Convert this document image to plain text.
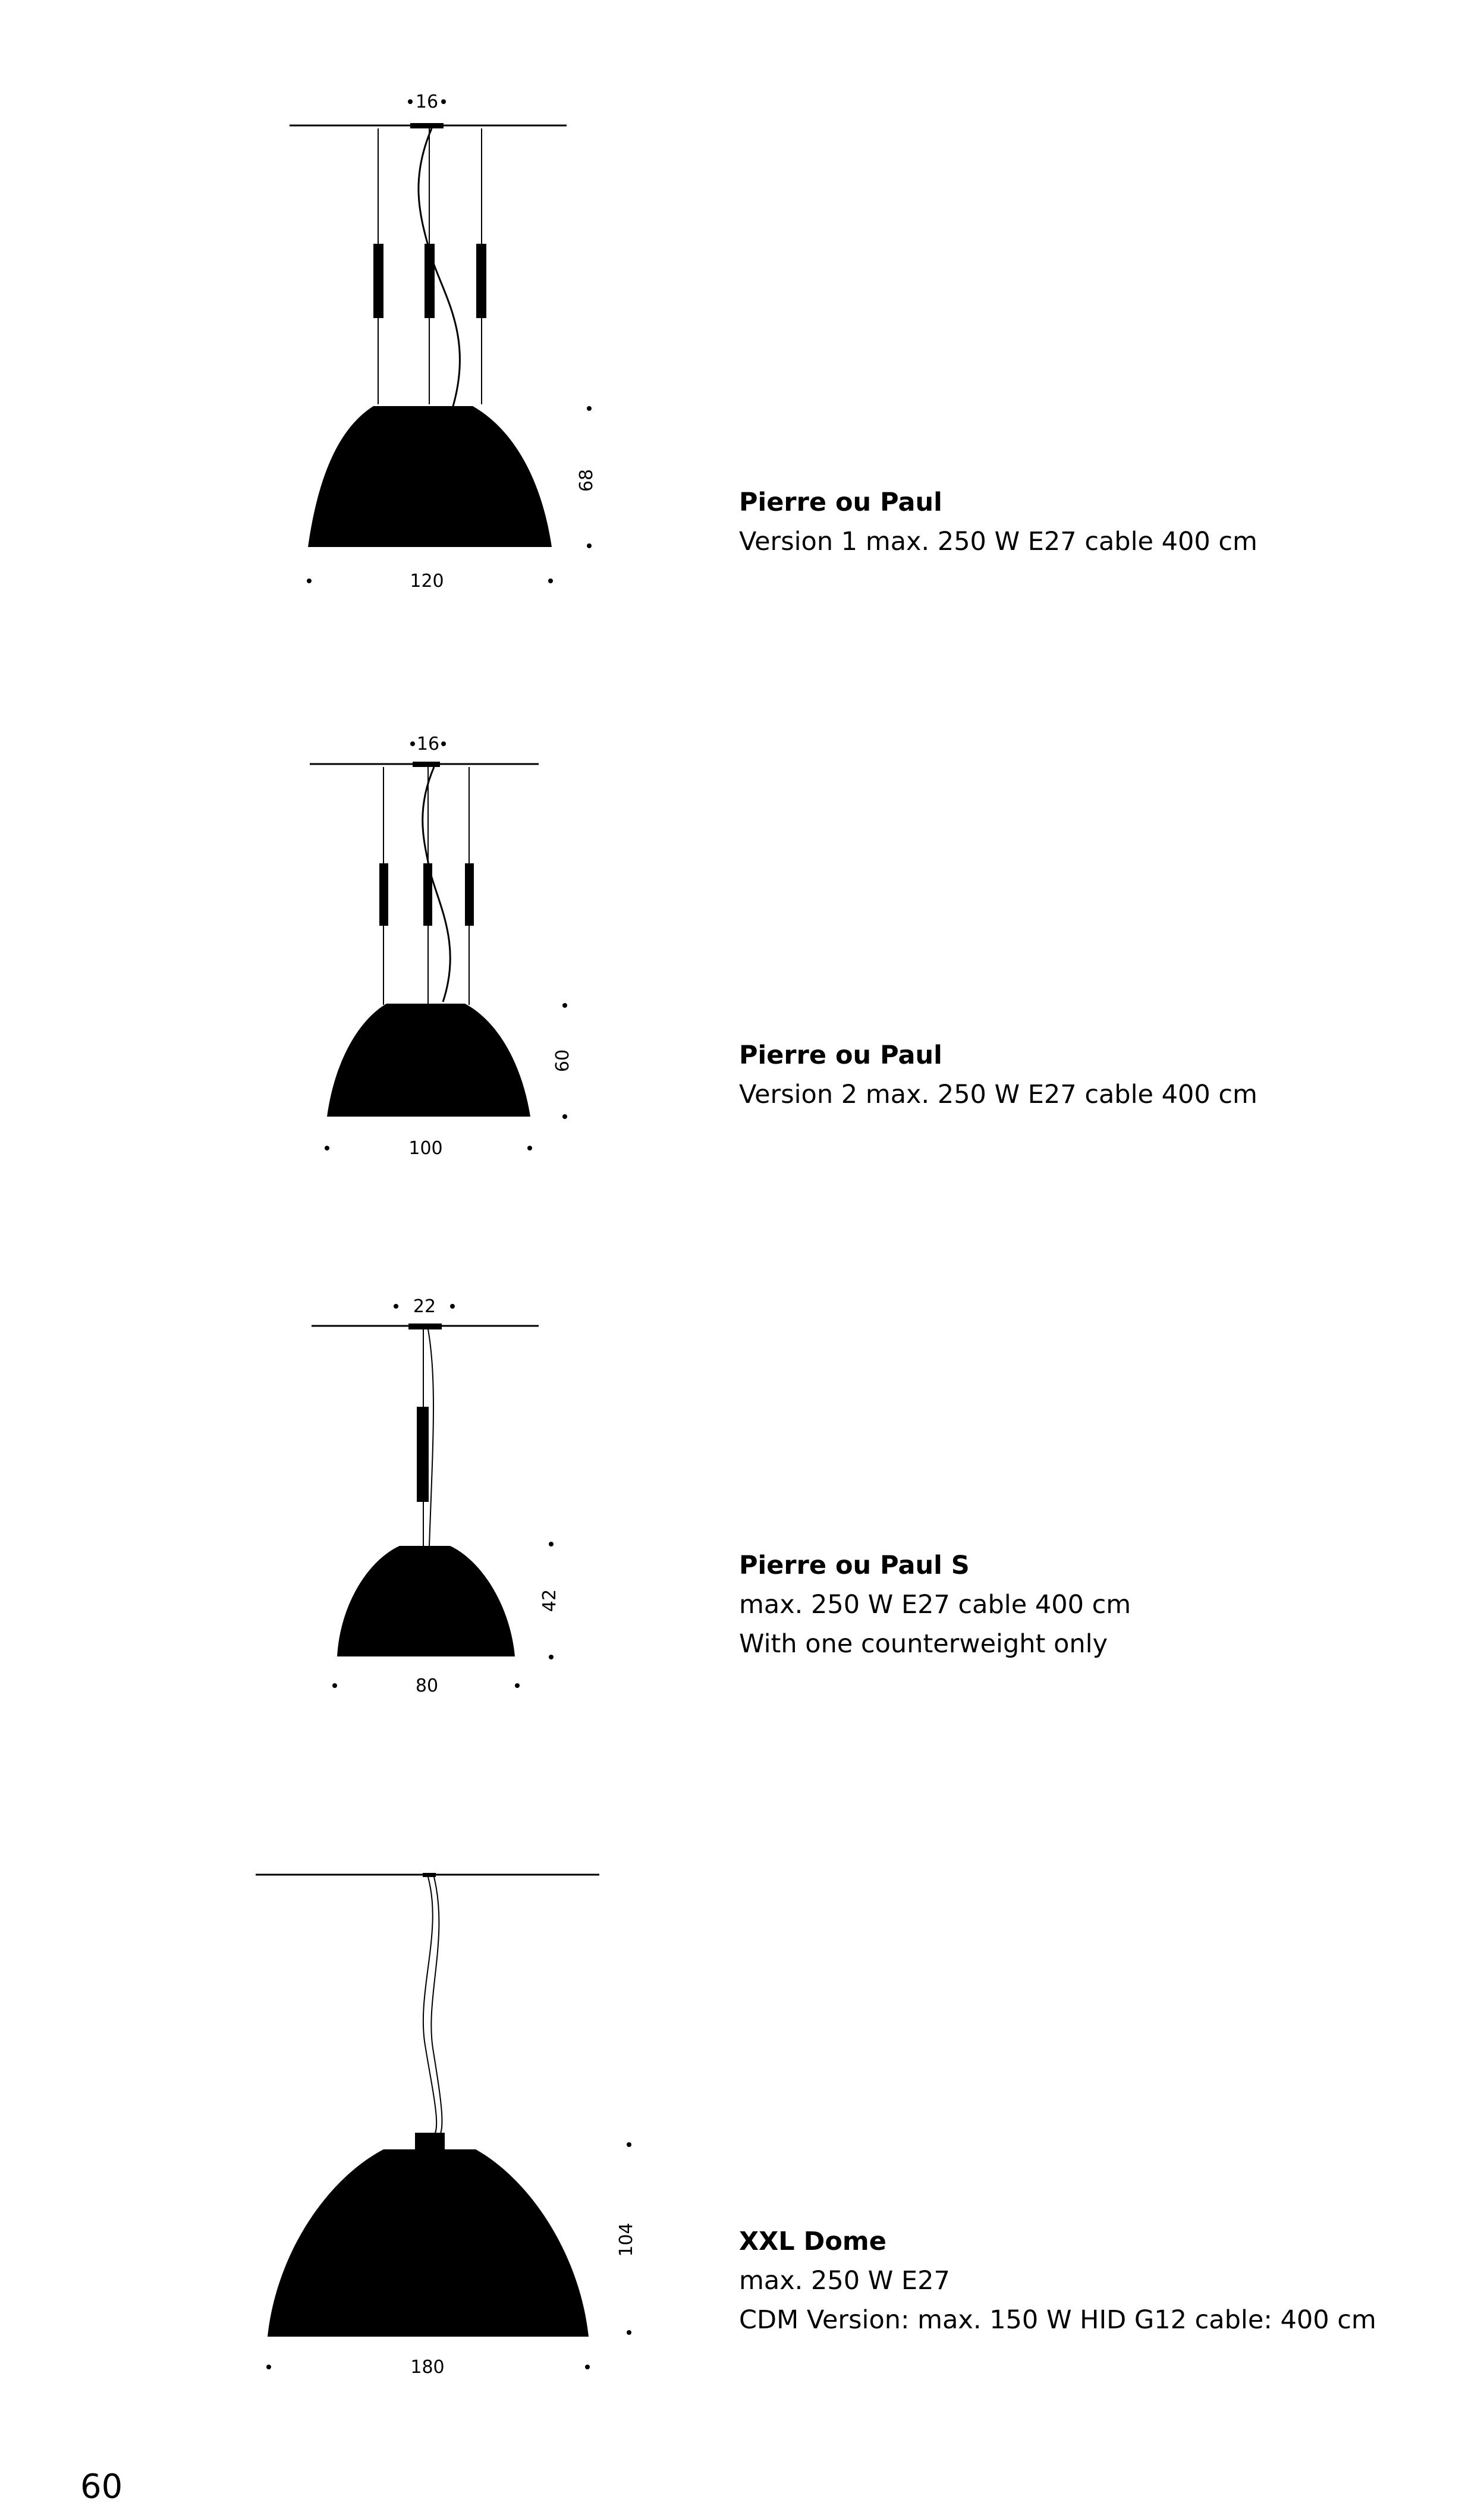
16
68
120
Pierre ou Paul
Version 1 max. 250 W E27 cable 400 cm
16
60
100
Pierre ou Paul
Version 2 max. 250 W E27 cable 400 cm
22
42
80
Pierre ou Paul S
max. 250 W E27 cable 400 cm
With one counterweight only
104
180
XXL Dome
max. 250 W E27
CDM Version: max. 150 W HID G12 cable: 400 cm
60
